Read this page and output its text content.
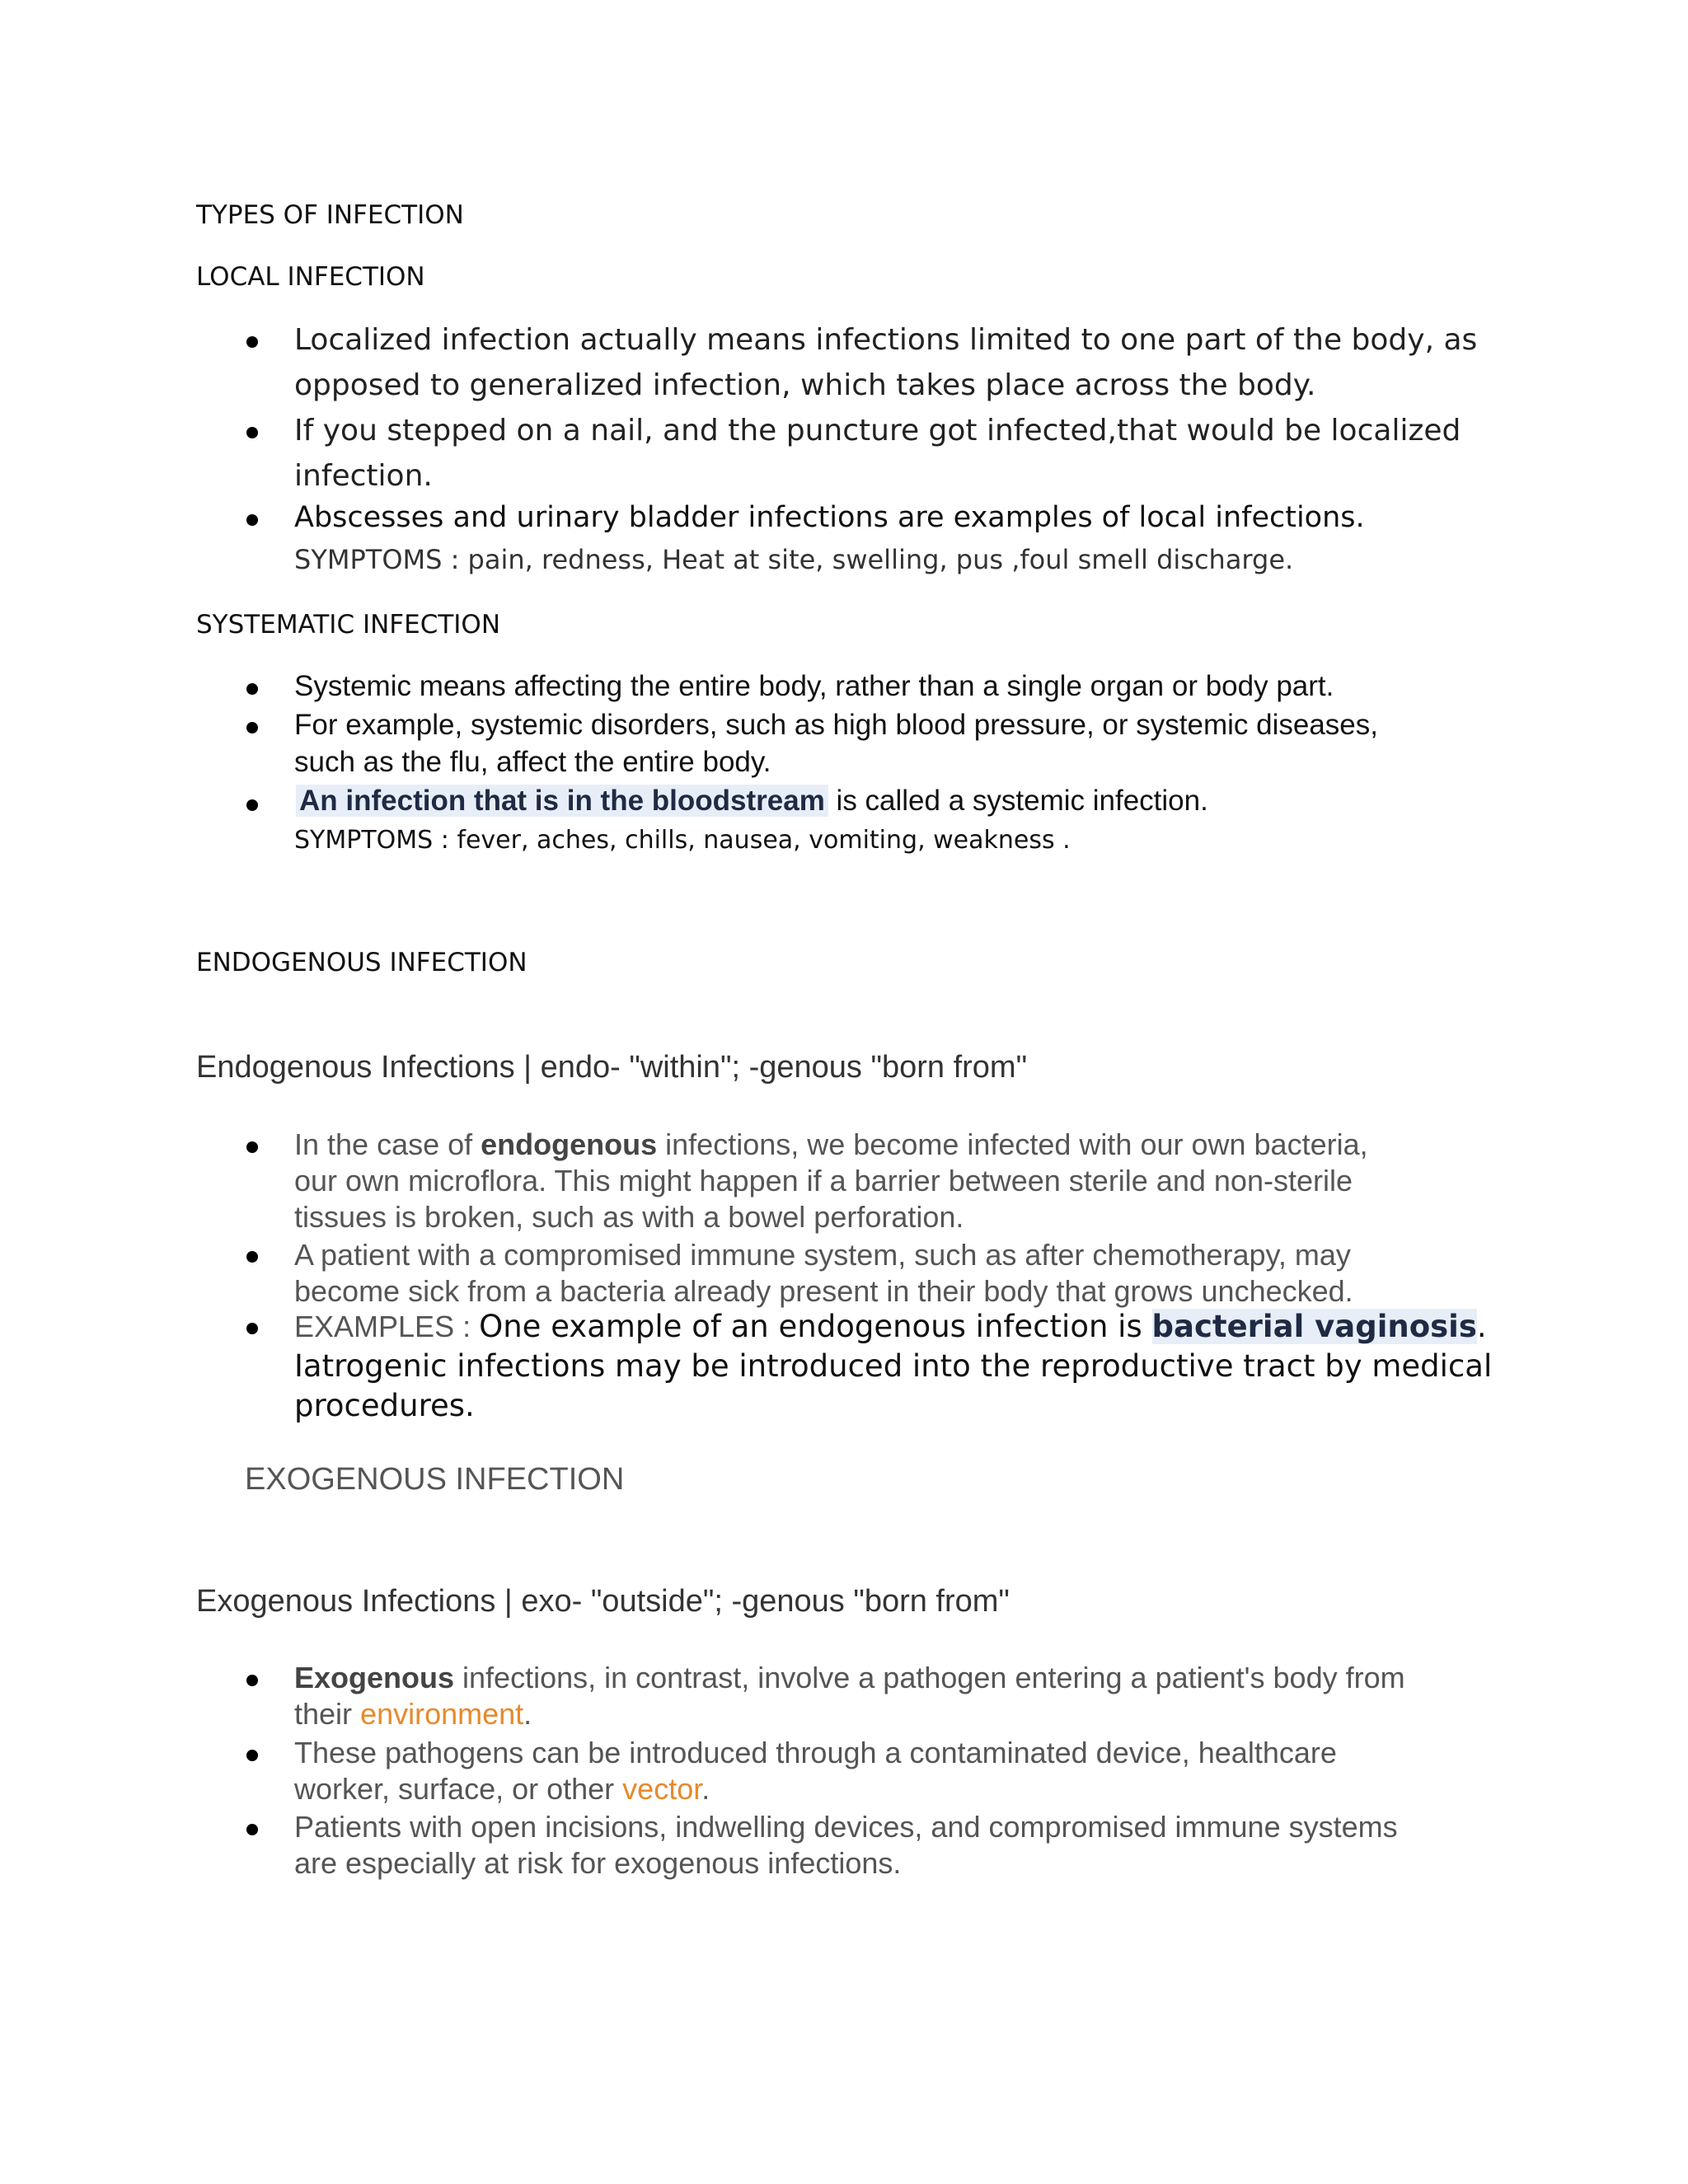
TYPES OF INFECTION
LOCAL INFECTION
Localized infection actually means infections limited to one part of the body, as
opposed to generalized infection, which takes place across the body.
If you stepped on a nail, and the puncture got infected,that would be localized
infection.
Abscesses and urinary bladder infections are examples of local infections.
SYMPTOMS : pain, redness, Heat at site, swelling, pus ,foul smell discharge.
SYSTEMATIC INFECTION
Systemic means affecting the entire body, rather than a single organ or body part.
For example, systemic disorders, such as high blood pressure, or systemic diseases,
such as the flu, affect the entire body.
An infection that is in the bloodstream is called a systemic infection.
SYMPTOMS : fever, aches, chills, nausea, vomiting, weakness .
ENDOGENOUS INFECTION
Endogenous Infections | endo- "within"; -genous "born from"
In the case of endogenous infections, we become infected with our own bacteria,
our own microflora. This might happen if a barrier between sterile and non-sterile
tissues is broken, such as with a bowel perforation.
A patient with a compromised immune system, such as after chemotherapy, may
become sick from a bacteria already present in their body that grows unchecked.
EXAMPLES : One example of an endogenous infection is bacterial vaginosis.
Iatrogenic infections may be introduced into the reproductive tract by medical
procedures.
EXOGENOUS INFECTION
Exogenous Infections | exo- "outside"; -genous "born from"
Exogenous infections, in contrast, involve a pathogen entering a patient's body from
their environment.
These pathogens can be introduced through a contaminated device, healthcare
worker, surface, or other vector.
Patients with open incisions, indwelling devices, and compromised immune systems
are especially at risk for exogenous infections.
